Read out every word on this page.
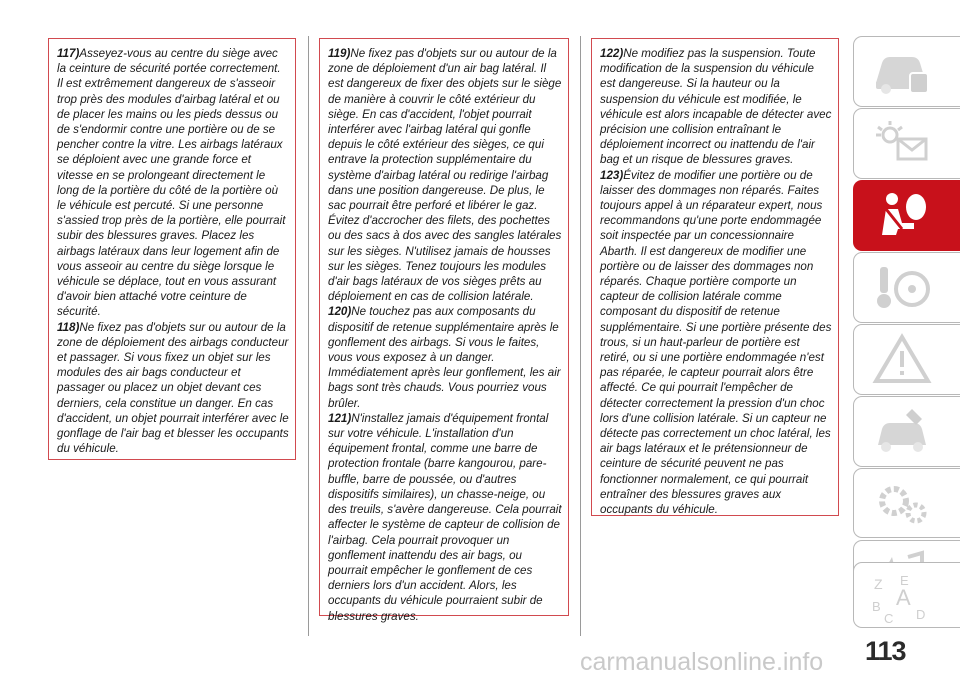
117)Asseyez-vous au centre du siège avec la ceinture de sécurité portée correctement. Il est extrêmement dangereux de s'asseoir trop près des modules d'airbag latéral et ou de placer les mains ou les pieds dessus ou de s'endormir contre une portière ou de se pencher contre la vitre. Les airbags latéraux se déploient avec une grande force et vitesse en se prolongeant directement le long de la portière du côté de la portière où le véhicule est percuté. Si une personne s'assied trop près de la portière, elle pourrait subir des blessures graves. Placez les airbags latéraux dans leur logement afin de vous asseoir au centre du siège lorsque le véhicule se déplace, tout en vous assurant d'avoir bien attaché votre ceinture de sécurité.

118)Ne fixez pas d'objets sur ou autour de la zone de déploiement des airbags conducteur et passager. Si vous fixez un objet sur les modules des air bags conducteur et passager ou placez un objet devant ces derniers, cela constitue un danger. En cas d'accident, un objet pourrait interférer avec le gonflage de l'air bag et blesser les occupants du véhicule.

119)Ne fixez pas d'objets sur ou autour de la zone de déploiement d'un air bag latéral. Il est dangereux de fixer des objets sur le siège de manière à couvrir le côté extérieur du siège. En cas d'accident, l'objet pourrait interférer avec l'airbag latéral qui gonfle depuis le côté extérieur des sièges, ce qui entrave la protection supplémentaire du système d'airbag latéral ou redirige l'airbag dans une position dangereuse. De plus, le sac pourrait être perforé et libérer le gaz. Évitez d'accrocher des filets, des pochettes ou des sacs à dos avec des sangles latérales sur les sièges. N'utilisez jamais de housses sur les sièges. Tenez toujours les modules d'air bags latéraux de vos sièges prêts au déploiement en cas de collision latérale.

120)Ne touchez pas aux composants du dispositif de retenue supplémentaire après le gonflement des airbags. Si vous le faites, vous vous exposez à un danger. Immédiatement après leur gonflement, les air bags sont très chauds. Vous pourriez vous brûler.

121)N'installez jamais d'équipement frontal sur votre véhicule. L'installation d'un équipement frontal, comme une barre de protection frontale (barre kangourou, pare-buffle, barre de poussée, ou d'autres dispositifs similaires), un chasse-neige, ou des treuils, s'avère dangereuse. Cela pourrait affecter le système de capteur de collision de l'airbag. Cela pourrait provoquer un gonflement inattendu des air bags, ou pourrait empêcher le gonflement de ces derniers lors d'un accident. Alors, les occupants du véhicule pourraient subir de blessures graves.

122)Ne modifiez pas la suspension. Toute modification de la suspension du véhicule est dangereuse. Si la hauteur ou la suspension du véhicule est modifiée, le véhicule est alors incapable de détecter avec précision une collision entraînant le déploiement incorrect ou inattendu de l'air bag et un risque de blessures graves.

123)Évitez de modifier une portière ou de laisser des dommages non réparés. Faites toujours appel à un réparateur expert, nous recommandons qu'une porte endommagée soit inspectée par un concessionnaire Abarth. Il est dangereux de modifier une portière ou de laisser des dommages non réparés. Chaque portière comporte un capteur de collision latérale comme composant du dispositif de retenue supplémentaire. Si une portière présente des trous, si un haut-parleur de portière est retiré, ou si une portière endommagée n'est pas réparée, le capteur pourrait alors être affecté. Ce qui pourrait l'empêcher de détecter correctement la pression d'un choc lors d'une collision latérale. Si un capteur ne détecte pas correctement un choc latéral, les air bags latéraux et le prétensionneur de ceinture de sécurité peuvent ne pas fonctionner normalement, ce qui pourrait entraîner des blessures graves aux occupants du véhicule.

Z E
A
B
C D
carmanualsonline.info 113
